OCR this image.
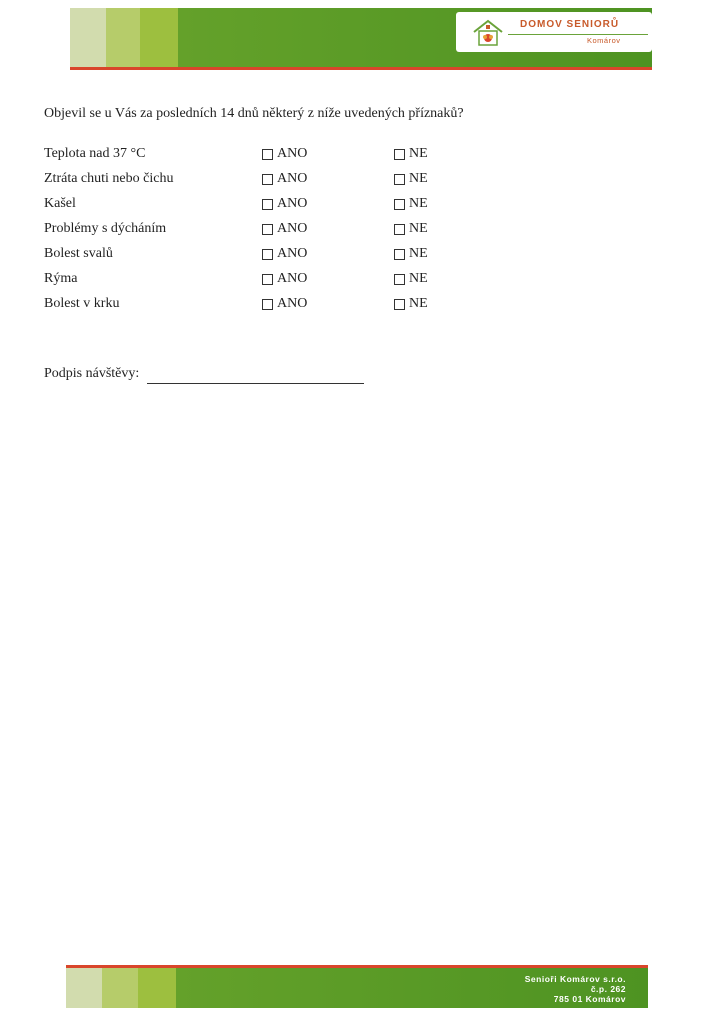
DOMOV SENIORŮ
Komárov
Objevil se u Vás za posledních 14 dnů některý z níže uvedených příznaků?
Teplota nad 37 °C	ANO	NE
Ztráta chuti nebo čichu	ANO	NE
Kašel	ANO	NE
Problémy s dýcháním	ANO	NE
Bolest svalů	ANO	NE
Rýma	ANO	NE
Bolest v krku	ANO	NE
Podpis návštěvy:
Senioři Komárov s.r.o.
č.p. 262
785 01 Komárov
